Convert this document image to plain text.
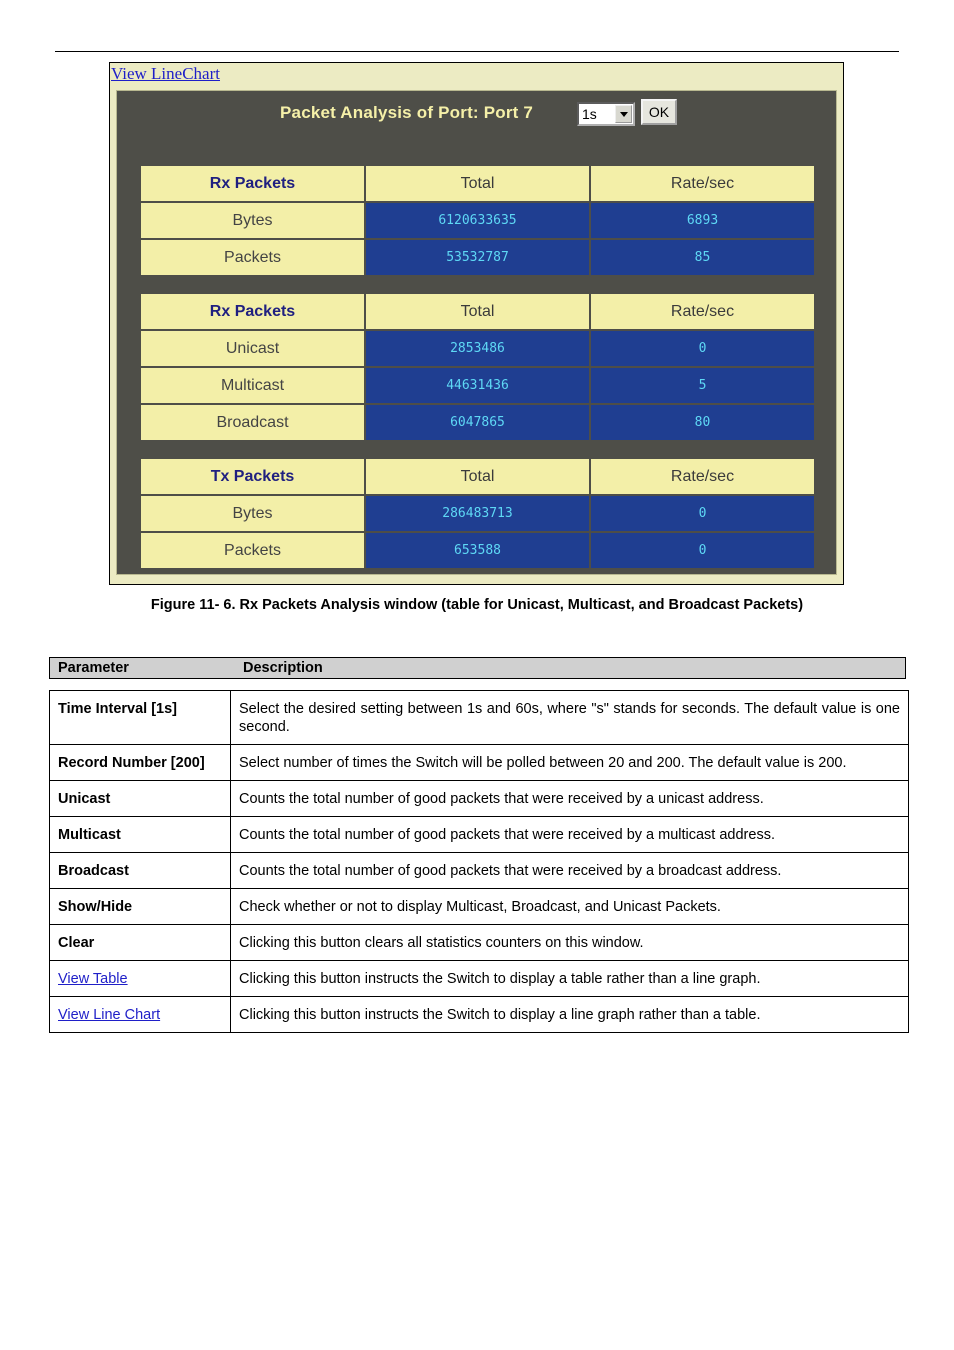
View LineChart
Packet Analysis of Port: Port 7	1s	OK
Rx Packets	Total	Rate/sec
Bytes	6120633635	6893
Packets	53532787	85
Rx Packets	Total	Rate/sec
Unicast	2853486	0
Multicast	44631436	5
Broadcast	6047865	80
Tx Packets	Total	Rate/sec
Bytes	286483713	0
Packets	653588	0
Figure 11- 6. Rx Packets Analysis window (table for Unicast, Multicast, and Broadcast Packets)
Parameter	Description
Time Interval [1s]	Select the desired setting between 1s and 60s, where "s" stands for seconds. The default value is one second.
Record Number [200]	Select number of times the Switch will be polled between 20 and 200. The default value is 200.
Unicast	Counts the total number of good packets that were received by a unicast address.
Multicast	Counts the total number of good packets that were received by a multicast address.
Broadcast	Counts the total number of good packets that were received by a broadcast address.
Show/Hide	Check whether or not to display Multicast, Broadcast, and Unicast Packets.
Clear	Clicking this button clears all statistics counters on this window.
View Table	Clicking this button instructs the Switch to display a table rather than a line graph.
View Line Chart	Clicking this button instructs the Switch to display a line graph rather than a table.
